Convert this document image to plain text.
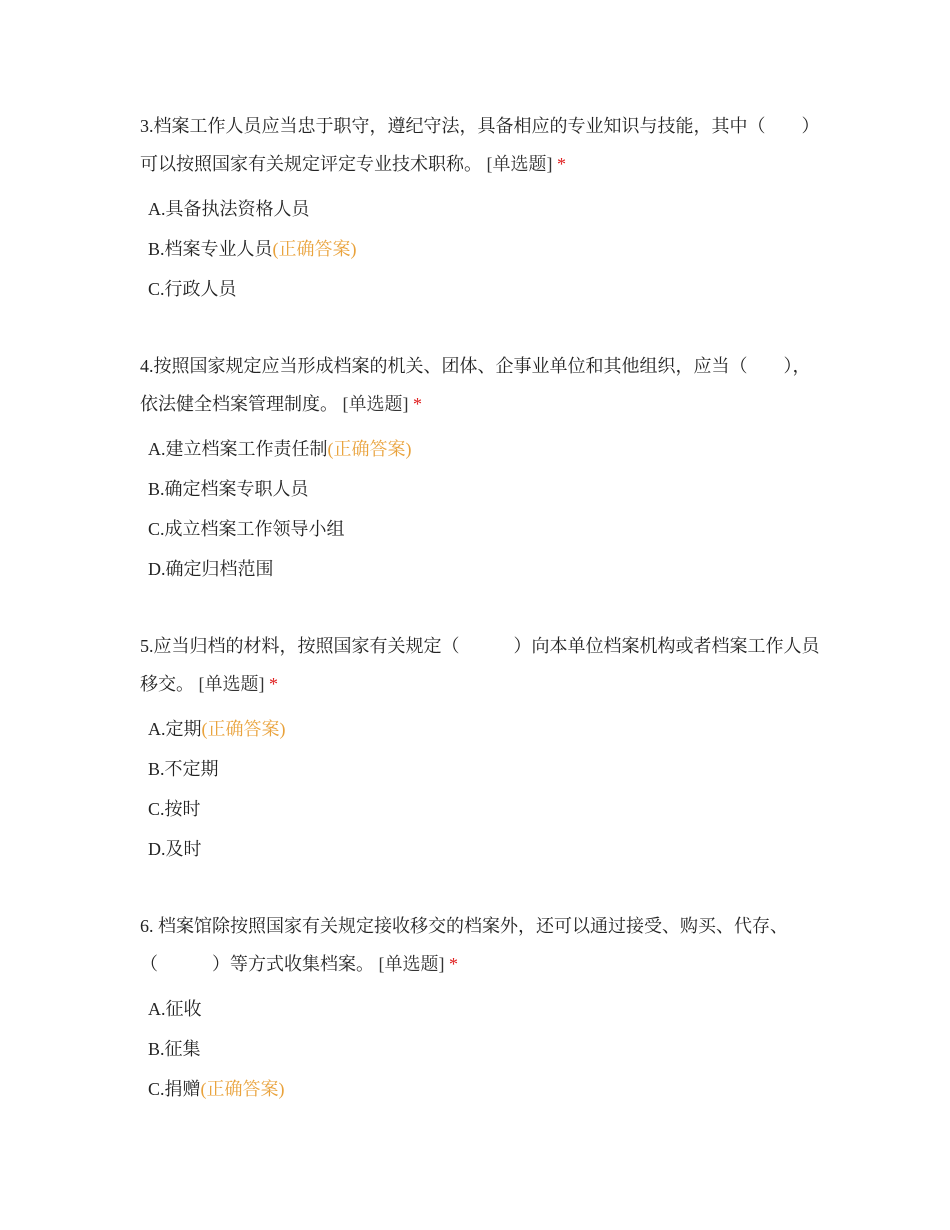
3.档案工作人员应当忠于职守，遵纪守法，具备相应的专业知识与技能，其中（　　）可以按照国家有关规定评定专业技术职称。 [单选题] *

A.具备执法资格人员
B.档案专业人员(正确答案)
C.行政人员

4.按照国家规定应当形成档案的机关、团体、企事业单位和其他组织，应当（　　），依法健全档案管理制度。 [单选题] *

A.建立档案工作责任制(正确答案)
B.确定档案专职人员
C.成立档案工作领导小组
D.确定归档范围

5.应当归档的材料，按照国家有关规定（　　　）向本单位档案机构或者档案工作人员移交。 [单选题] *

A.定期(正确答案)
B.不定期
C.按时
D.及时

6. 档案馆除按照国家有关规定接收移交的档案外，还可以通过接受、购买、代存、（　　　）等方式收集档案。 [单选题] *

A.征收
B.征集
C.捐赠(正确答案)
